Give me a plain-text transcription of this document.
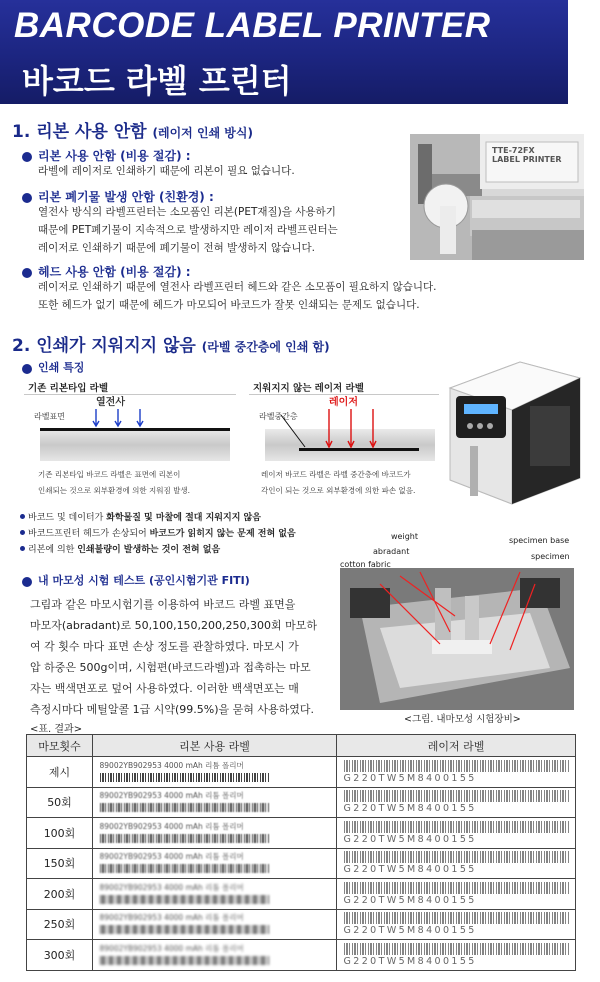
BARCODE LABEL PRINTER
바코드 라벨 프린터
1. 리본 사용 안함 (레이저 인쇄 방식)
리본 사용 안함 (비용 절감) :
라벨에 레이저로 인쇄하기 때문에 리본이 필요 없습니다.
리본 폐기물 발생 안함 (친환경) :
열전사 방식의 라벨프린터는 소모품인 리본(PET재질)을 사용하기
때문에 PET폐기물이 지속적으로 발생하지만 레이저 라벨프린터는
레이저로 인쇄하기 때문에 폐기물이 전혀 발생하지 않습니다.
헤드 사용 안함 (비용 절감) :
레이저로 인쇄하기 때문에 열전사 라벨프린터 헤드와 같은 소모품이 필요하지 않습니다.
또한 헤드가 없기 때문에 헤드가 마모되어 바코드가 잘못 인쇄되는 문제도 없습니다.
TTE-72FX
LABEL PRINTER
2. 인쇄가 지워지지 않음 (라벨 중간층에 인쇄 함)
인쇄 특징
기존 리본타입 라벨
라벨표면
열전사
기존 리본타입 바코드 라벨은 표면에 리본이
인쇄되는 것으로 외부환경에 의한 지워짐 발생.
지워지지 않는 레이저 라벨
라벨중간층
레이저
레이저 바코드 라벨은 라벨 중간층에 바코드가
각인이 되는 것으로 외부환경에 의한 파손 없음.
바코드 및 데이터가 화학물질 및 마찰에 절대 지워지지 않음
바코드프린터 헤드가 손상되어 바코드가 읽히지 않는 문제 전혀 없음
리본에 의한 인쇄불량이 발생하는 것이 전혀 없음
내 마모성 시험 테스트 (공인시험기관 FITI)
그림과 같은 마모시험기를 이용하여 바코드 라벨 표면을
마모자(abradant)로 50,100,150,200,250,300회 마모하
여 각 횟수 마다 표면 손상 정도를 관찰하였다. 마모시 가
압 하중은 500g이며, 시험편(바코드라벨)과 접촉하는 마모
자는 백색면포로 덮어 사용하였다. 이러한 백색면포는 매
측정시마다 메틸알콜 1급 시약(99.5%)을 묻혀 사용하였다.
weight
abradant
cotton fabric
specimen base
specimen
<그림. 내마모성 시험장비>
<표. 결과>
마모횟수	리본 사용 라벨	레이저 라벨
제시	89002YB902953 4000 mAh 리튬 폴리머	G220TW5M8400155

50회	89002YB902953 4000 mAh 리튬 폴리머	G220TW5M8400155

100회	89002YB902953 4000 mAh 리튬 폴리머	G220TW5M8400155

150회	89002YB902953 4000 mAh 리튬 폴리머	G220TW5M8400155

200회	89002YB902953 4000 mAh 리튬 폴리머	G220TW5M8400155

250회	89002YB902953 4000 mAh 리튬 폴리머	G220TW5M8400155

300회	89002YB902953 4000 mAh 리튬 폴리머	G220TW5M8400155
